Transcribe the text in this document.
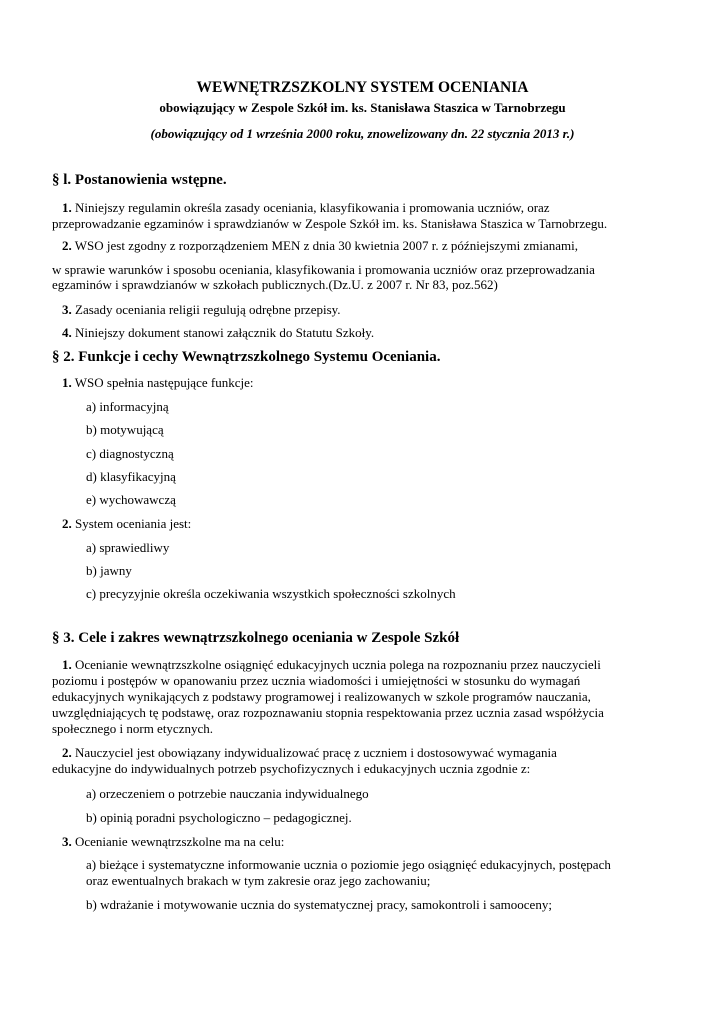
WEWNĘTRZSZKOLNY SYSTEM OCENIANIA
obowiązujący w Zespole Szkół im. ks. Stanisława Staszica w Tarnobrzegu
(obowiązujący od 1 września 2000 roku, znowelizowany dn. 22 stycznia 2013 r.)
§ l. Postanowienia wstępne.
1. Niniejszy regulamin określa zasady oceniania, klasyfikowania i promowania uczniów, oraz
przeprowadzanie egzaminów i sprawdzianów w Zespole Szkół im. ks. Stanisława Staszica w Tarnobrzegu.
2. WSO jest zgodny z rozporządzeniem MEN z dnia 30 kwietnia 2007 r. z późniejszymi zmianami,
w sprawie warunków i sposobu oceniania, klasyfikowania i promowania uczniów oraz przeprowadzania
egzaminów i sprawdzianów w szkołach publicznych.(Dz.U. z 2007 r. Nr 83, poz.562)
3. Zasady oceniania religii regulują odrębne przepisy.
4. Niniejszy dokument stanowi załącznik do Statutu Szkoły.
§ 2. Funkcje i cechy Wewnątrzszkolnego Systemu Oceniania.
1. WSO spełnia następujące funkcje:
a) informacyjną
b) motywującą
c) diagnostyczną
d) klasyfikacyjną
e) wychowawczą
2. System oceniania jest:
a) sprawiedliwy
b) jawny
c) precyzyjnie określa oczekiwania wszystkich społeczności szkolnych
§ 3. Cele i zakres wewnątrzszkolnego oceniania w Zespole Szkół
1. Ocenianie wewnątrzszkolne osiągnięć edukacyjnych ucznia polega na rozpoznaniu przez nauczycieli
poziomu i postępów w opanowaniu przez ucznia wiadomości i umiejętności w stosunku do wymagań
edukacyjnych wynikających z podstawy programowej i realizowanych w szkole programów nauczania,
uwzględniających tę podstawę, oraz rozpoznawaniu stopnia respektowania przez ucznia zasad współżycia
społecznego i norm etycznych.
2. Nauczyciel jest obowiązany indywidualizować pracę z uczniem i dostosowywać wymagania
edukacyjne do indywidualnych potrzeb psychofizycznych i edukacyjnych ucznia zgodnie z:
a) orzeczeniem o potrzebie nauczania indywidualnego
b) opinią poradni psychologiczno – pedagogicznej.
3. Ocenianie wewnątrzszkolne ma na celu:
a) bieżące i systematyczne informowanie ucznia o poziomie jego osiągnięć edukacyjnych, postępach
oraz ewentualnych brakach w tym zakresie oraz jego zachowaniu;
b) wdrażanie i motywowanie ucznia do systematycznej pracy, samokontroli i samooceny;
